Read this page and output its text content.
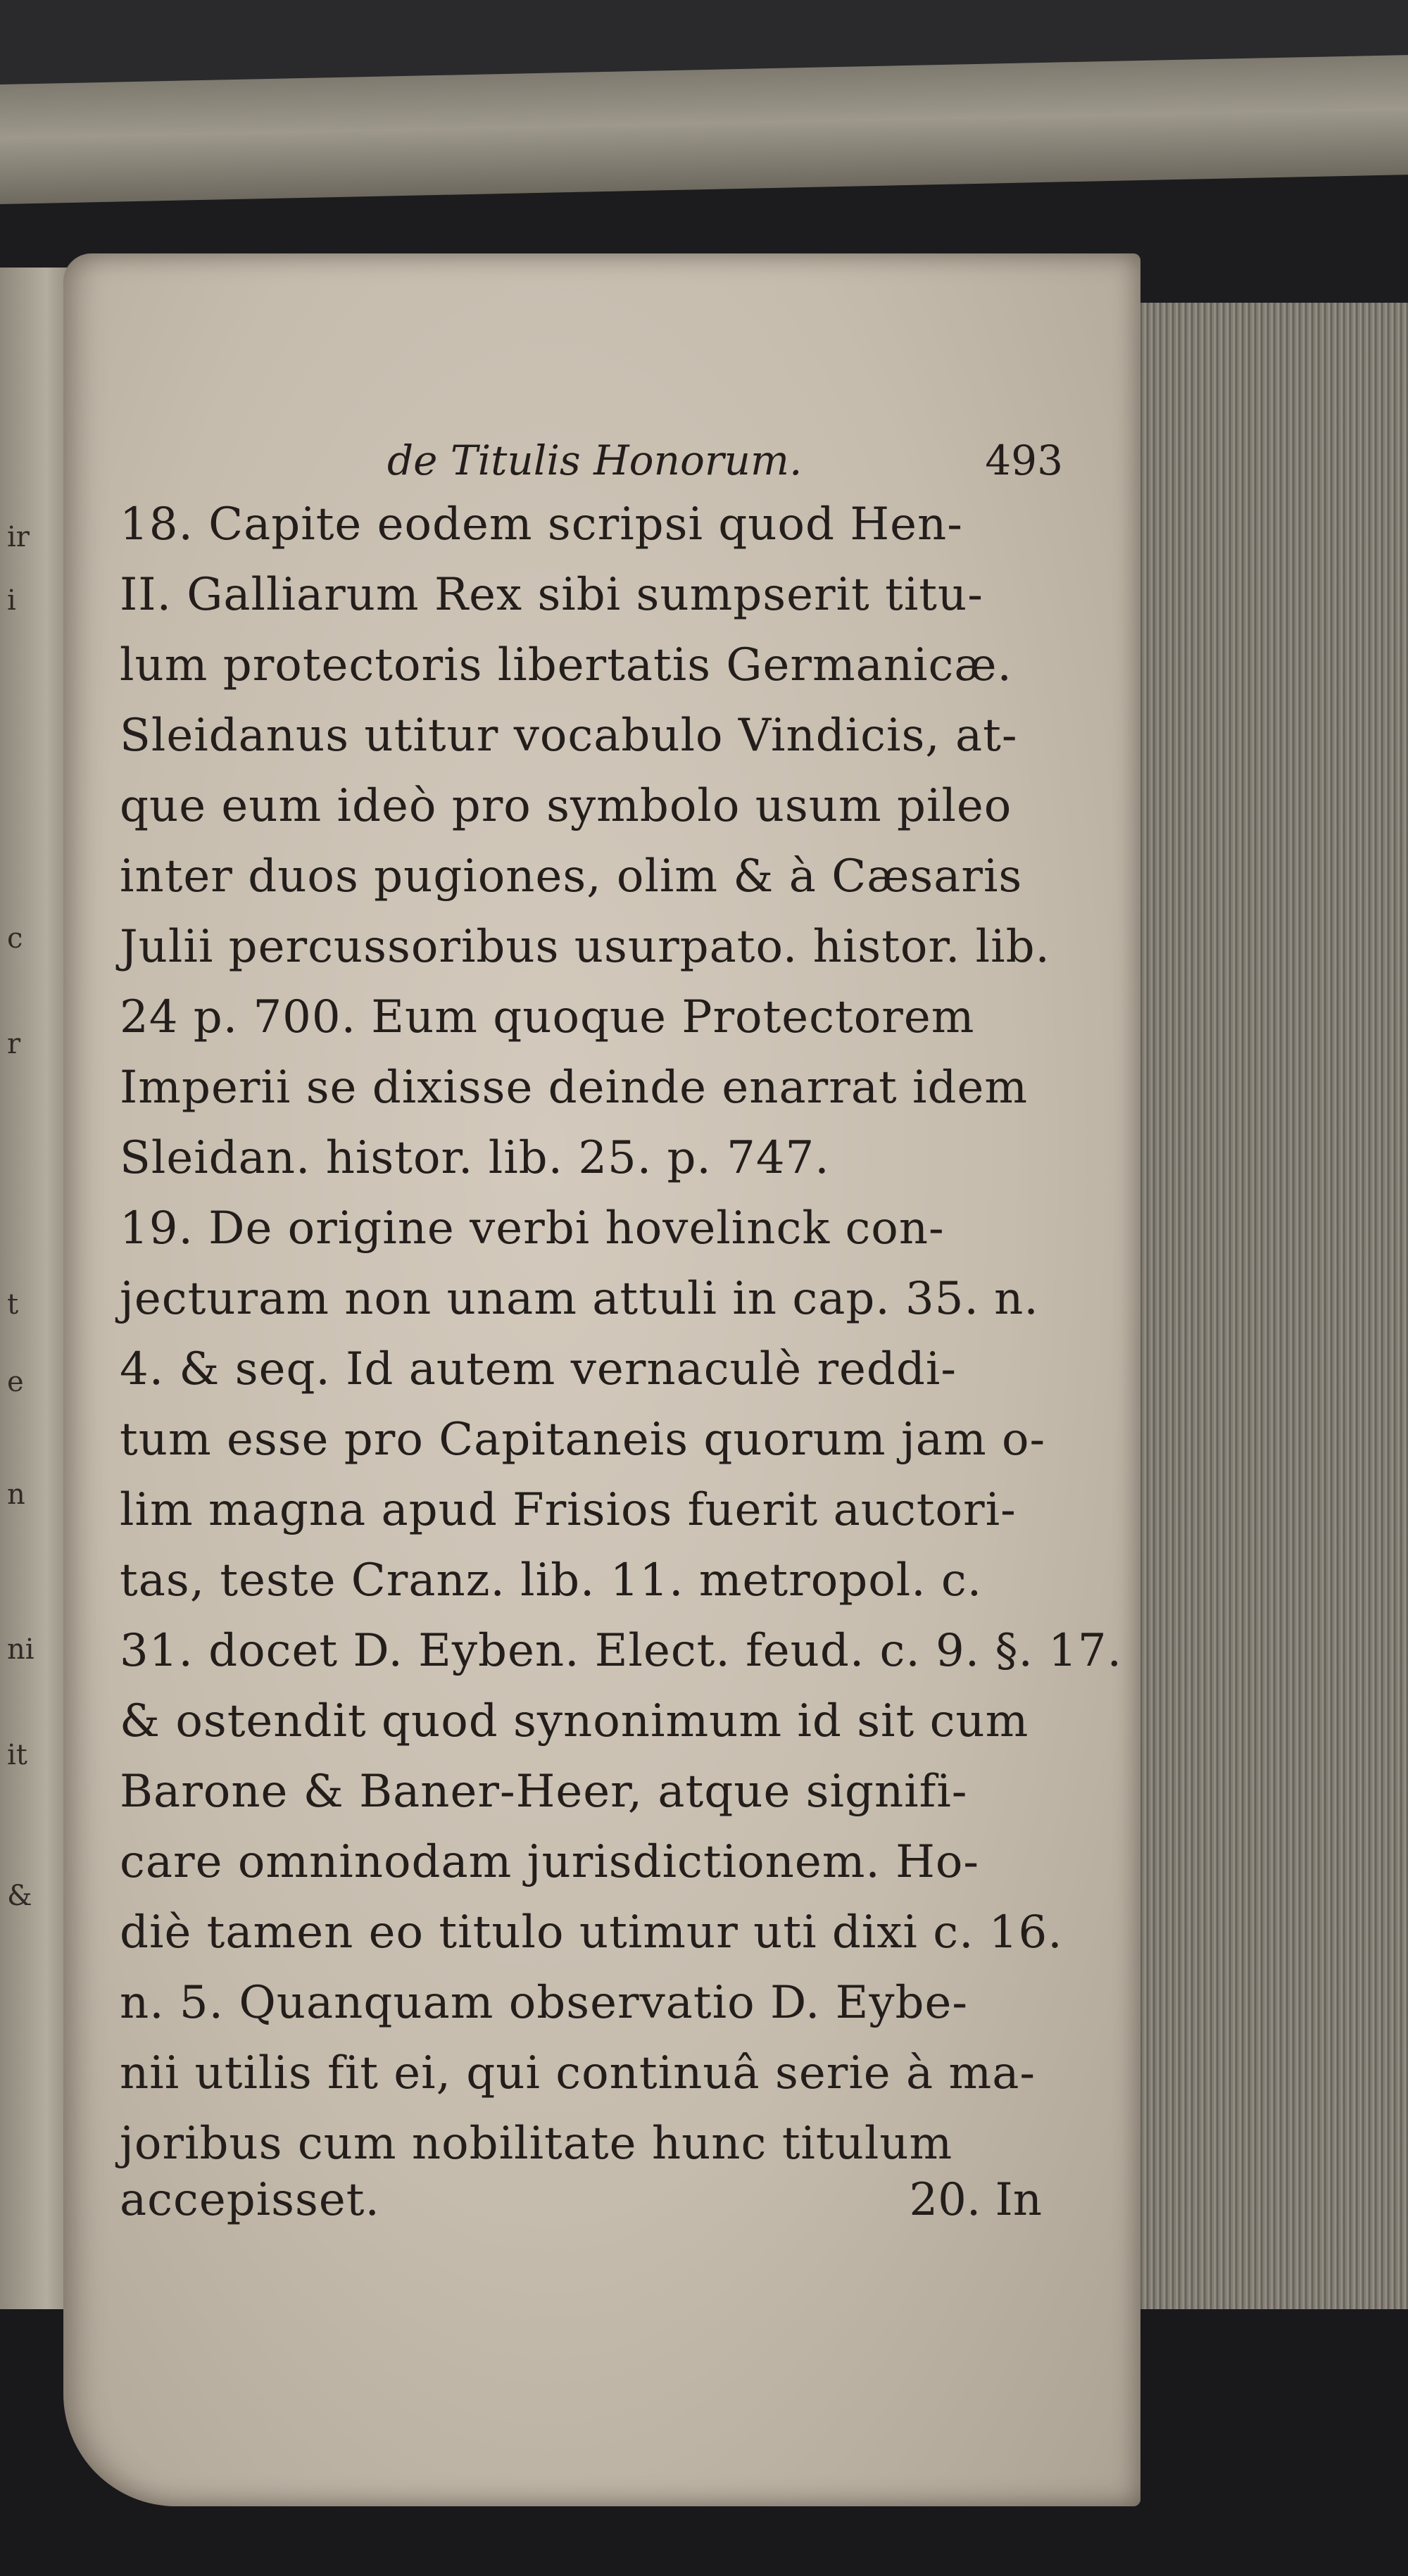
ir
i
c
r
t
e
n
ni
it
&
de Titulis Honorum.	493
18. Capite eodem scripsi quod Hen-
II. Galliarum Rex sibi sumpserit titu-
lum protectoris libertatis Germanicæ.
Sleidanus utitur vocabulo Vindicis, at-
que eum ideò pro symbolo usum pileo
inter duos pugiones, olim & à Cæsaris
Julii percussoribus usurpato. histor. lib.
24 p. 700. Eum quoque Protectorem
Imperii se dixisse deinde enarrat idem
Sleidan. histor. lib. 25. p. 747.
19. De origine verbi hovelinck con-
jecturam non unam attuli in cap. 35. n.
4. & seq. Id autem vernaculè reddi-
tum esse pro Capitaneis quorum jam o-
lim magna apud Frisios fuerit auctori-
tas, teste Cranz. lib. 11. metropol. c.
31. docet D. Eyben. Elect. feud. c. 9. §. 17.
& ostendit quod synonimum id sit cum
Barone & Baner-Heer, atque signifi-
care omninodam jurisdictionem. Ho-
diè tamen eo titulo utimur uti dixi c. 16.
n. 5. Quanquam observatio D. Eybe-
nii utilis fit ei, qui continuâ serie à ma-
joribus cum nobilitate hunc titulum
accepisset.	20. In
